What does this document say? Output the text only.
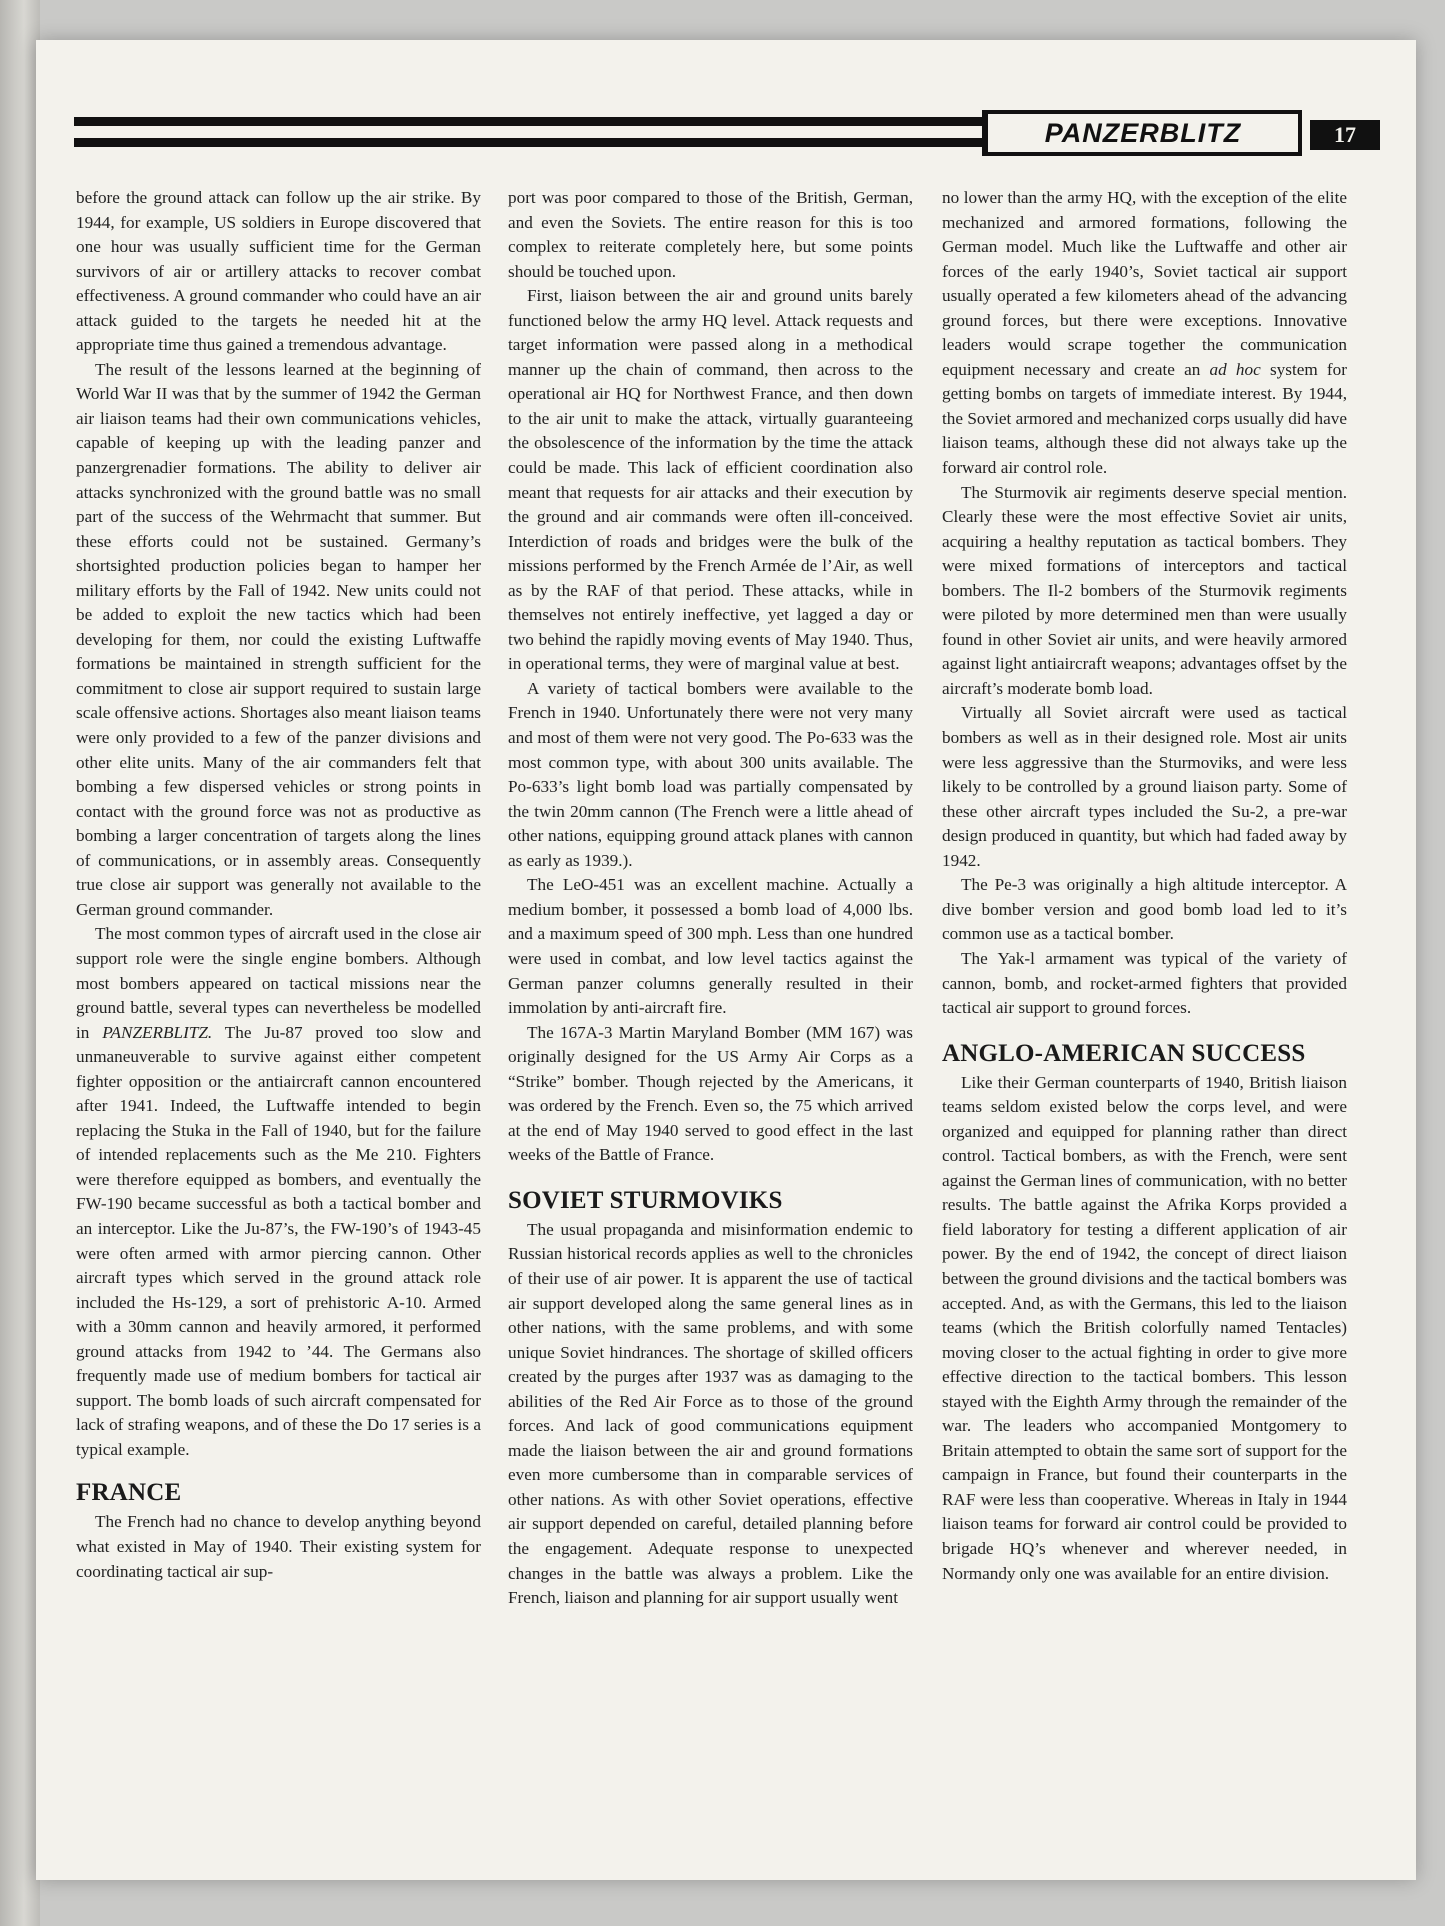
PANZERBLITZ	17

before the ground attack can follow up the air strike. By 1944, for example, US soldiers in Europe discovered that one hour was usually sufficient time for the German survivors of air or artillery attacks to recover combat effectiveness. A ground commander who could have an air attack guided to the targets he needed hit at the appropriate time thus gained a tremendous advantage.

The result of the lessons learned at the beginning of World War II was that by the summer of 1942 the German air liaison teams had their own communications vehicles, capable of keeping up with the leading panzer and panzergrenadier formations. The ability to deliver air attacks synchronized with the ground battle was no small part of the success of the Wehrmacht that summer. But these efforts could not be sustained. Germany’s shortsighted production policies began to hamper her military efforts by the Fall of 1942. New units could not be added to exploit the new tactics which had been developing for them, nor could the existing Luftwaffe formations be maintained in strength sufficient for the commitment to close air support required to sustain large scale offensive actions. Shortages also meant liaison teams were only provided to a few of the panzer divisions and other elite units. Many of the air commanders felt that bombing a few dispersed vehicles or strong points in contact with the ground force was not as productive as bombing a larger concentration of targets along the lines of communications, or in assembly areas. Consequently true close air support was generally not available to the German ground commander.

The most common types of aircraft used in the close air support role were the single engine bombers. Although most bombers appeared on tactical missions near the ground battle, several types can nevertheless be modelled in PANZERBLITZ. The Ju-87 proved too slow and unmaneuverable to survive against either competent fighter opposition or the antiaircraft cannon encountered after 1941. Indeed, the Luftwaffe intended to begin replacing the Stuka in the Fall of 1940, but for the failure of intended replacements such as the Me 210. Fighters were therefore equipped as bombers, and eventually the FW-190 became successful as both a tactical bomber and an interceptor. Like the Ju-87’s, the FW-190’s of 1943-45 were often armed with armor piercing cannon. Other aircraft types which served in the ground attack role included the Hs-129, a sort of prehistoric A-10. Armed with a 30mm cannon and heavily armored, it performed ground attacks from 1942 to ’44. The Germans also frequently made use of medium bombers for tactical air support. The bomb loads of such aircraft compensated for lack of strafing weapons, and of these the Do 17 series is a typical example.

FRANCE

The French had no chance to develop anything beyond what existed in May of 1940. Their existing system for coordinating tactical air sup-

port was poor compared to those of the British, German, and even the Soviets. The entire reason for this is too complex to reiterate completely here, but some points should be touched upon.

First, liaison between the air and ground units barely functioned below the army HQ level. Attack requests and target information were passed along in a methodical manner up the chain of command, then across to the operational air HQ for Northwest France, and then down to the air unit to make the attack, virtually guaranteeing the obsolescence of the information by the time the attack could be made. This lack of efficient coordination also meant that requests for air attacks and their execution by the ground and air commands were often ill-conceived. Interdiction of roads and bridges were the bulk of the missions performed by the French Armée de l’Air, as well as by the RAF of that period. These attacks, while in themselves not entirely ineffective, yet lagged a day or two behind the rapidly moving events of May 1940. Thus, in operational terms, they were of marginal value at best.

A variety of tactical bombers were available to the French in 1940. Unfortunately there were not very many and most of them were not very good. The Po-633 was the most common type, with about 300 units available. The Po-633’s light bomb load was partially compensated by the twin 20mm cannon (The French were a little ahead of other nations, equipping ground attack planes with cannon as early as 1939.).

The LeO-451 was an excellent machine. Actually a medium bomber, it possessed a bomb load of 4,000 lbs. and a maximum speed of 300 mph. Less than one hundred were used in combat, and low level tactics against the German panzer columns generally resulted in their immolation by anti-aircraft fire.

The 167A-3 Martin Maryland Bomber (MM 167) was originally designed for the US Army Air Corps as a “Strike” bomber. Though rejected by the Americans, it was ordered by the French. Even so, the 75 which arrived at the end of May 1940 served to good effect in the last weeks of the Battle of France.

SOVIET STURMOVIKS

The usual propaganda and misinformation endemic to Russian historical records applies as well to the chronicles of their use of air power. It is apparent the use of tactical air support developed along the same general lines as in other nations, with the same problems, and with some unique Soviet hindrances. The shortage of skilled officers created by the purges after 1937 was as damaging to the abilities of the Red Air Force as to those of the ground forces. And lack of good communications equipment made the liaison between the air and ground formations even more cumbersome than in comparable services of other nations. As with other Soviet operations, effective air support depended on careful, detailed planning before the engagement. Adequate response to unexpected changes in the battle was always a problem. Like the French, liaison and planning for air support usually went

no lower than the army HQ, with the exception of the elite mechanized and armored formations, following the German model. Much like the Luftwaffe and other air forces of the early 1940’s, Soviet tactical air support usually operated a few kilometers ahead of the advancing ground forces, but there were exceptions. Innovative leaders would scrape together the communication equipment necessary and create an ad hoc system for getting bombs on targets of immediate interest. By 1944, the Soviet armored and mechanized corps usually did have liaison teams, although these did not always take up the forward air control role.

The Sturmovik air regiments deserve special mention. Clearly these were the most effective Soviet air units, acquiring a healthy reputation as tactical bombers. They were mixed formations of interceptors and tactical bombers. The Il-2 bombers of the Sturmovik regiments were piloted by more determined men than were usually found in other Soviet air units, and were heavily armored against light antiaircraft weapons; advantages offset by the aircraft’s moderate bomb load.

Virtually all Soviet aircraft were used as tactical bombers as well as in their designed role. Most air units were less aggressive than the Sturmoviks, and were less likely to be controlled by a ground liaison party. Some of these other aircraft types included the Su-2, a pre-war design produced in quantity, but which had faded away by 1942.

The Pe-3 was originally a high altitude interceptor. A dive bomber version and good bomb load led to it’s common use as a tactical bomber.

The Yak-l armament was typical of the variety of cannon, bomb, and rocket-armed fighters that provided tactical air support to ground forces.

ANGLO-AMERICAN SUCCESS

Like their German counterparts of 1940, British liaison teams seldom existed below the corps level, and were organized and equipped for planning rather than direct control. Tactical bombers, as with the French, were sent against the German lines of communication, with no better results. The battle against the Afrika Korps provided a field laboratory for testing a different application of air power. By the end of 1942, the concept of direct liaison between the ground divisions and the tactical bombers was accepted. And, as with the Germans, this led to the liaison teams (which the British colorfully named Tentacles) moving closer to the actual fighting in order to give more effective direction to the tactical bombers. This lesson stayed with the Eighth Army through the remainder of the war. The leaders who accompanied Montgomery to Britain attempted to obtain the same sort of support for the campaign in France, but found their counterparts in the RAF were less than cooperative. Whereas in Italy in 1944 liaison teams for forward air control could be provided to brigade HQ’s whenever and wherever needed, in Normandy only one was available for an entire division.
